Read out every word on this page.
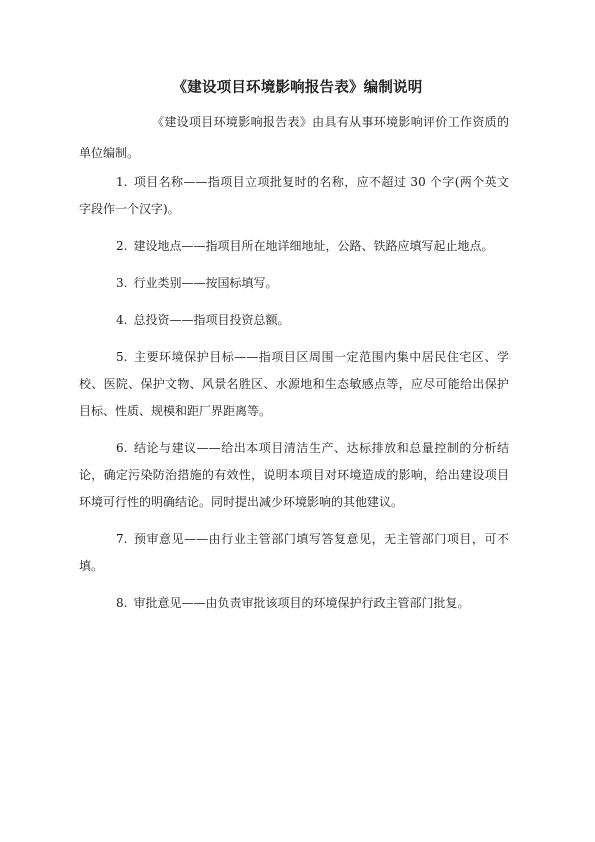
《建设项目环境影响报告表》编制说明
《建设项目环境影响报告表》由具有从事环境影响评价工作资质的单位编制。
1. 项目名称——指项目立项批复时的名称，应不超过 30 个字(两个英文字段作一个汉字)。
2. 建设地点——指项目所在地详细地址，公路、铁路应填写起止地点。
3. 行业类别——按国标填写。
4. 总投资——指项目投资总额。
5. 主要环境保护目标——指项目区周围一定范围内集中居民住宅区、学校、医院、保护文物、风景名胜区、水源地和生态敏感点等，应尽可能给出保护目标、性质、规模和距厂界距离等。
6. 结论与建议——给出本项目清洁生产、达标排放和总量控制的分析结论，确定污染防治措施的有效性，说明本项目对环境造成的影响，给出建设项目环境可行性的明确结论。同时提出减少环境影响的其他建议。
7. 预审意见——由行业主管部门填写答复意见，无主管部门项目，可不填。
8. 审批意见——由负责审批该项目的环境保护行政主管部门批复。
